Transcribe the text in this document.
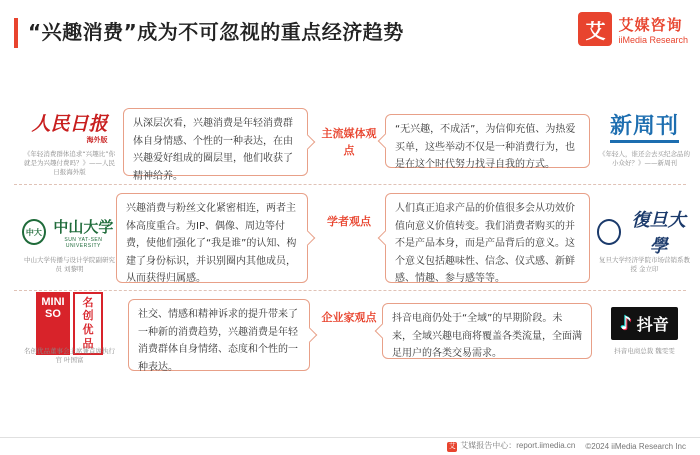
“兴趣消费”成为不可忽视的重点经济趋势	艾 艾媒咨询
iiMedia Research
人民日报
海外版
《年轻消费群体追求“兴趣比”你就是为兴趣付费吗？》——人民日报海外版
从深层次看，兴趣消费是年轻消费群体自身情感、个性的一种表达，在由兴趣爱好组成的圈层里，他们收获了精神给养。
主流媒体观点
“无兴趣，不成活”，为信仰充值、为热爱买单，这些举动不仅是一种消费行为，也是在这个时代努力找寻自我的方式。
新周刊
《年轻人，谁还会去买纪念品的小众好？》——新周刊
中大 中山大学
SUN YAT-SEN UNIVERSITY
中山大学传播与设计学院副研究员 刘黎明
兴趣消费与粉丝文化紧密相连，两者主体高度重合。为IP、偶像、周边等付费，使他们强化了“我是谁”的认知、构建了身份标识，并识别圈内其他成员，从而获得归属感。
学者观点
人们真正追求产品的价值很多会从功效价值向意义价值转变。我们消费者购买的并不是产品本身，而是产品背后的意义。这个意义包括趣味性、信念、仪式感、新鲜感、情趣、参与感等等。
復旦大學
复旦大学经济学院市场营销系教授 金立印
MINI SO
名创优品
名创优品董事会主席兼首席执行官 叶国富
社交、情感和精神诉求的提升带来了一种新的消费趋势，兴趣消费是年轻消费群体自身情绪、态度和个性的一种表达。
企业家观点	抖音电商仍处于“全域”的早期阶段。未来，全域兴趣电商将覆盖各类流量，全面满足用户的各类交易需求。
♪ 抖音
抖音电商总裁 魏雯雯
艾 艾媒报告中心：report.iimedia.cn ©2024 iiMedia Research Inc
